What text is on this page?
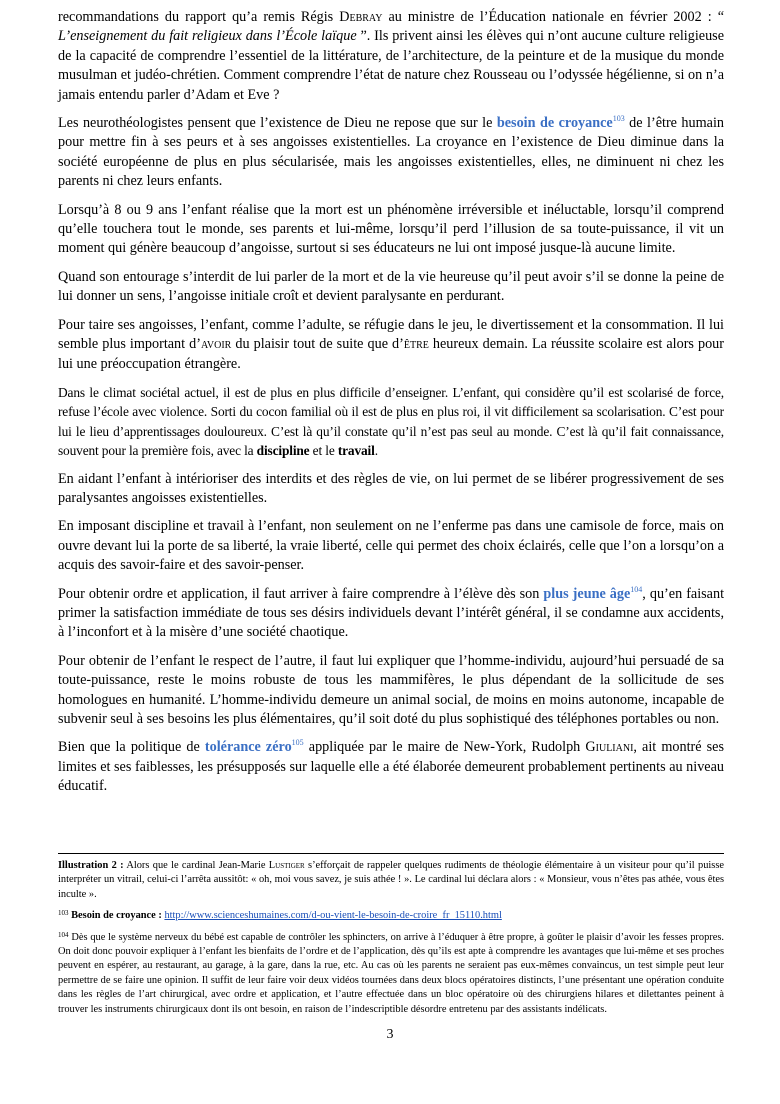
recommandations du rapport qu’a remis Régis Debray au ministre de l’Éducation nationale en février 2002 : “ L’enseignement du fait religieux dans l’École laïque ”. Ils privent ainsi les élèves qui n’ont aucune culture religieuse de la capacité de comprendre l’essentiel de la littérature, de l’architecture, de la peinture et de la musique du monde musulman et judéo-chrétien. Comment comprendre l’état de nature chez Rousseau ou l’odyssée hégélienne, si on n’a jamais entendu parler d’Adam et Eve ?

Les neurothéologistes pensent que l’existence de Dieu ne repose que sur le besoin de croyance$^{103}$ de l’être humain pour mettre fin à ses peurs et à ses angoisses existentielles. La croyance en l’existence de Dieu diminue dans la société européenne de plus en plus sécularisée, mais les angoisses existentielles, elles, ne diminuent ni chez les parents ni chez leurs enfants.

Lorsqu’à 8 ou 9 ans l’enfant réalise que la mort est un phénomène irréversible et inéluctable, lorsqu’il comprend qu’elle touchera tout le monde, ses parents et lui-même, lorsqu’il perd l’illusion de sa toute-puissance, il vit un moment qui génère beaucoup d’angoisse, surtout si ses éducateurs ne lui ont imposé jusque-là aucune limite.

Quand son entourage s’interdit de lui parler de la mort et de la vie heureuse qu’il peut avoir s’il se donne la peine de lui donner un sens, l’angoisse initiale croît et devient paralysante en perdurant.

Pour taire ses angoisses, l’enfant, comme l’adulte, se réfugie dans le jeu, le divertissement et la consommation. Il lui semble plus important d’avoir du plaisir tout de suite que d’être heureux demain. La réussite scolaire est alors pour lui une préoccupation étrangère.

Dans le climat sociétal actuel, il est de plus en plus difficile d’enseigner. L’enfant, qui considère qu’il est scolarisé de force, refuse l’école avec violence. Sorti du cocon familial où il est de plus en plus roi, il vit difficilement sa scolarisation. C’est pour lui le lieu d’apprentissages douloureux. C’est là qu’il constate qu’il n’est pas seul au monde. C’est là qu’il fait connaissance, souvent pour la première fois, avec la discipline et le travail.

En aidant l’enfant à intérioriser des interdits et des règles de vie, on lui permet de se libérer progressivement de ses paralysantes angoisses existentielles.

En imposant discipline et travail à l’enfant, non seulement on ne l’enferme pas dans une camisole de force, mais on ouvre devant lui la porte de sa liberté, la vraie liberté, celle qui permet des choix éclairés, celle que l’on a lorsqu’on a acquis des savoir-faire et des savoir-penser.

Pour obtenir ordre et application, il faut arriver à faire comprendre à l’élève dès son plus jeune âge$^{104}$, qu’en faisant primer la satisfaction immédiate de tous ses désirs individuels devant l’intérêt général, il se condamne aux accidents, à l’inconfort et à la misère d’une société chaotique.

Pour obtenir de l’enfant le respect de l’autre, il faut lui expliquer que l’homme-individu, aujourd’hui persuadé de sa toute-puissance, reste le moins robuste de tous les mammifères, le plus dépendant de la sollicitude de ses homologues en humanité. L’homme-individu demeure un animal social, de moins en moins autonome, incapable de subvenir seul à ses besoins les plus élémentaires, qu’il soit doté du plus sophistiqué des téléphones portables ou non.

Bien que la politique de tolérance zéro$^{105}$ appliquée par le maire de New-York, Rudolph Giuliani, ait montré ses limites et ses faiblesses, les présupposés sur laquelle elle a été élaborée demeurent probablement pertinents au niveau éducatif.

Illustration 2 : Alors que le cardinal Jean-Marie Lustiger s’efforçait de rappeler quelques rudiments de théologie élémentaire à un visiteur pour qu’il puisse interpréter un vitrail, celui-ci l’arrêta aussitôt: « oh, moi vous savez, je suis athée ! ». Le cardinal lui déclara alors : « Monsieur, vous n’êtes pas athée, vous êtes inculte ».

$^{103}$ Besoin de croyance : http://www.scienceshumaines.com/d-ou-vient-le-besoin-de-croire_fr_15110.html

$^{104}$ Dès que le système nerveux du bébé est capable de contrôler les sphincters, on arrive à l’éduquer à être propre, à goûter le plaisir d’avoir les fesses propres. On doit donc pouvoir expliquer à l’enfant les bienfaits de l’ordre et de l’application, dès qu’ils est apte à comprendre les avantages que lui-même et ses proches peuvent en espérer, au restaurant, au garage, à la gare, dans la rue, etc. Au cas où les parents ne seraient pas eux-mêmes convaincus, un test simple peut leur permettre de se faire une opinion. Il suffit de leur faire voir deux vidéos tournées dans deux blocs opératoires distincts, l’une présentant une opération conduite dans les règles de l’art chirurgical, avec ordre et application, et l’autre effectuée dans un bloc opératoire où des chirurgiens hilares et dilettantes peinent à trouver les instruments chirurgicaux dont ils ont besoin, en raison de l’indescriptible désordre entretenu par des assistants indélicats.

3
